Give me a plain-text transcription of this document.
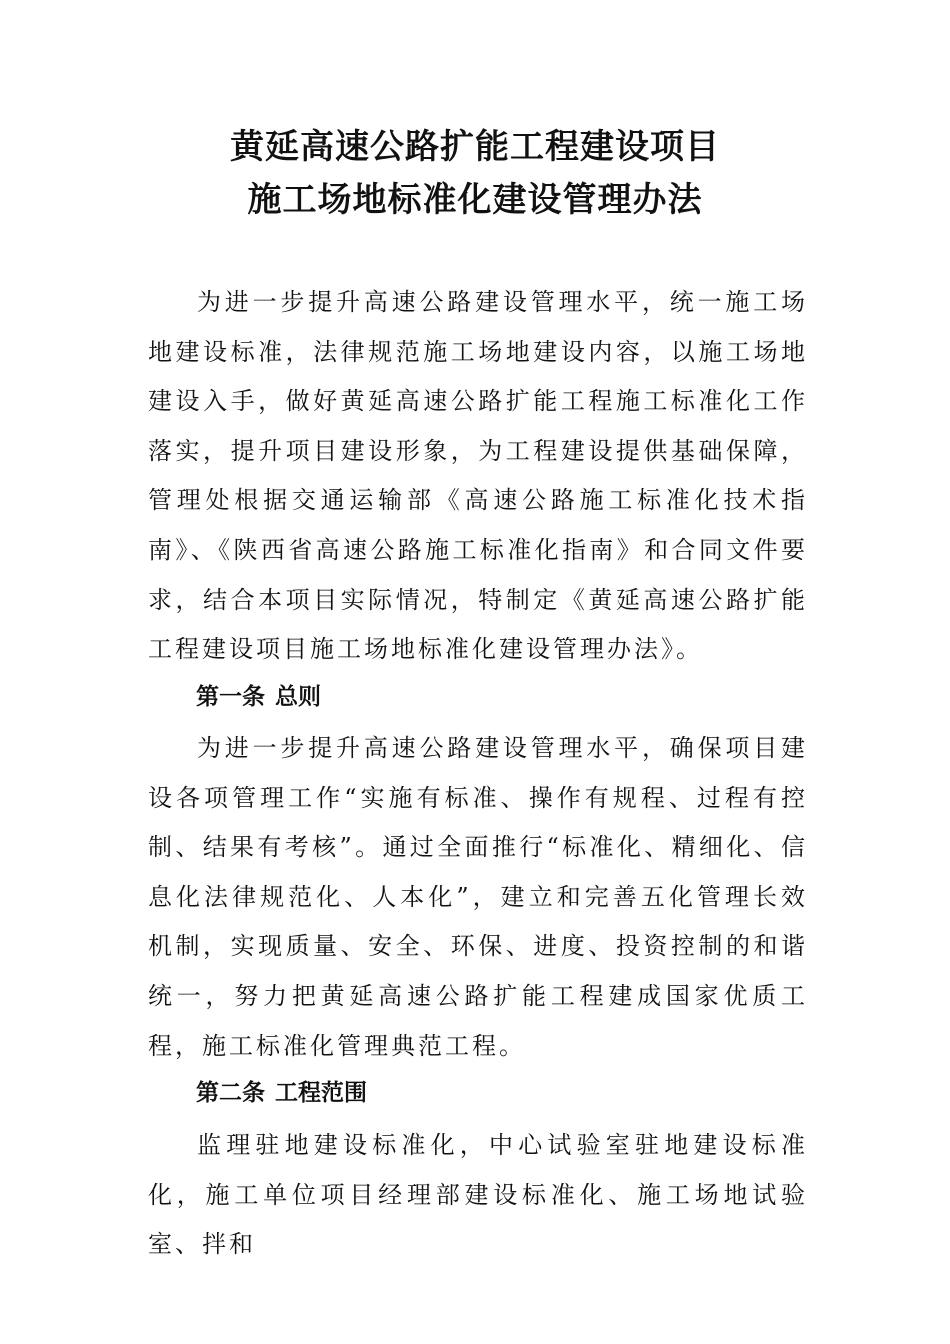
黄延高速公路扩能工程建设项目
施工场地标准化建设管理办法

为进一步提升高速公路建设管理水平，统一施工场地建设标准，法律规范施工场地建设内容，以施工场地建设入手，做好黄延高速公路扩能工程施工标准化工作落实，提升项目建设形象，为工程建设提供基础保障，管理处根据交通运输部《高速公路施工标准化技术指南》、《陕西省高速公路施工标准化指南》和合同文件要求，结合本项目实际情况，特制定《黄延高速公路扩能工程建设项目施工场地标准化建设管理办法》。

第一条 总则

为进一步提升高速公路建设管理水平，确保项目建设各项管理工作“实施有标准、操作有规程、过程有控制、结果有考核”。通过全面推行“标准化、精细化、信息化法律规范化、人本化”，建立和完善五化管理长效机制，实现质量、安全、环保、进度、投资控制的和谐统一，努力把黄延高速公路扩能工程建成国家优质工程，施工标准化管理典范工程。

第二条 工程范围

监理驻地建设标准化，中心试验室驻地建设标准化，施工单位项目经理部建设标准化、施工场地试验室、拌和
